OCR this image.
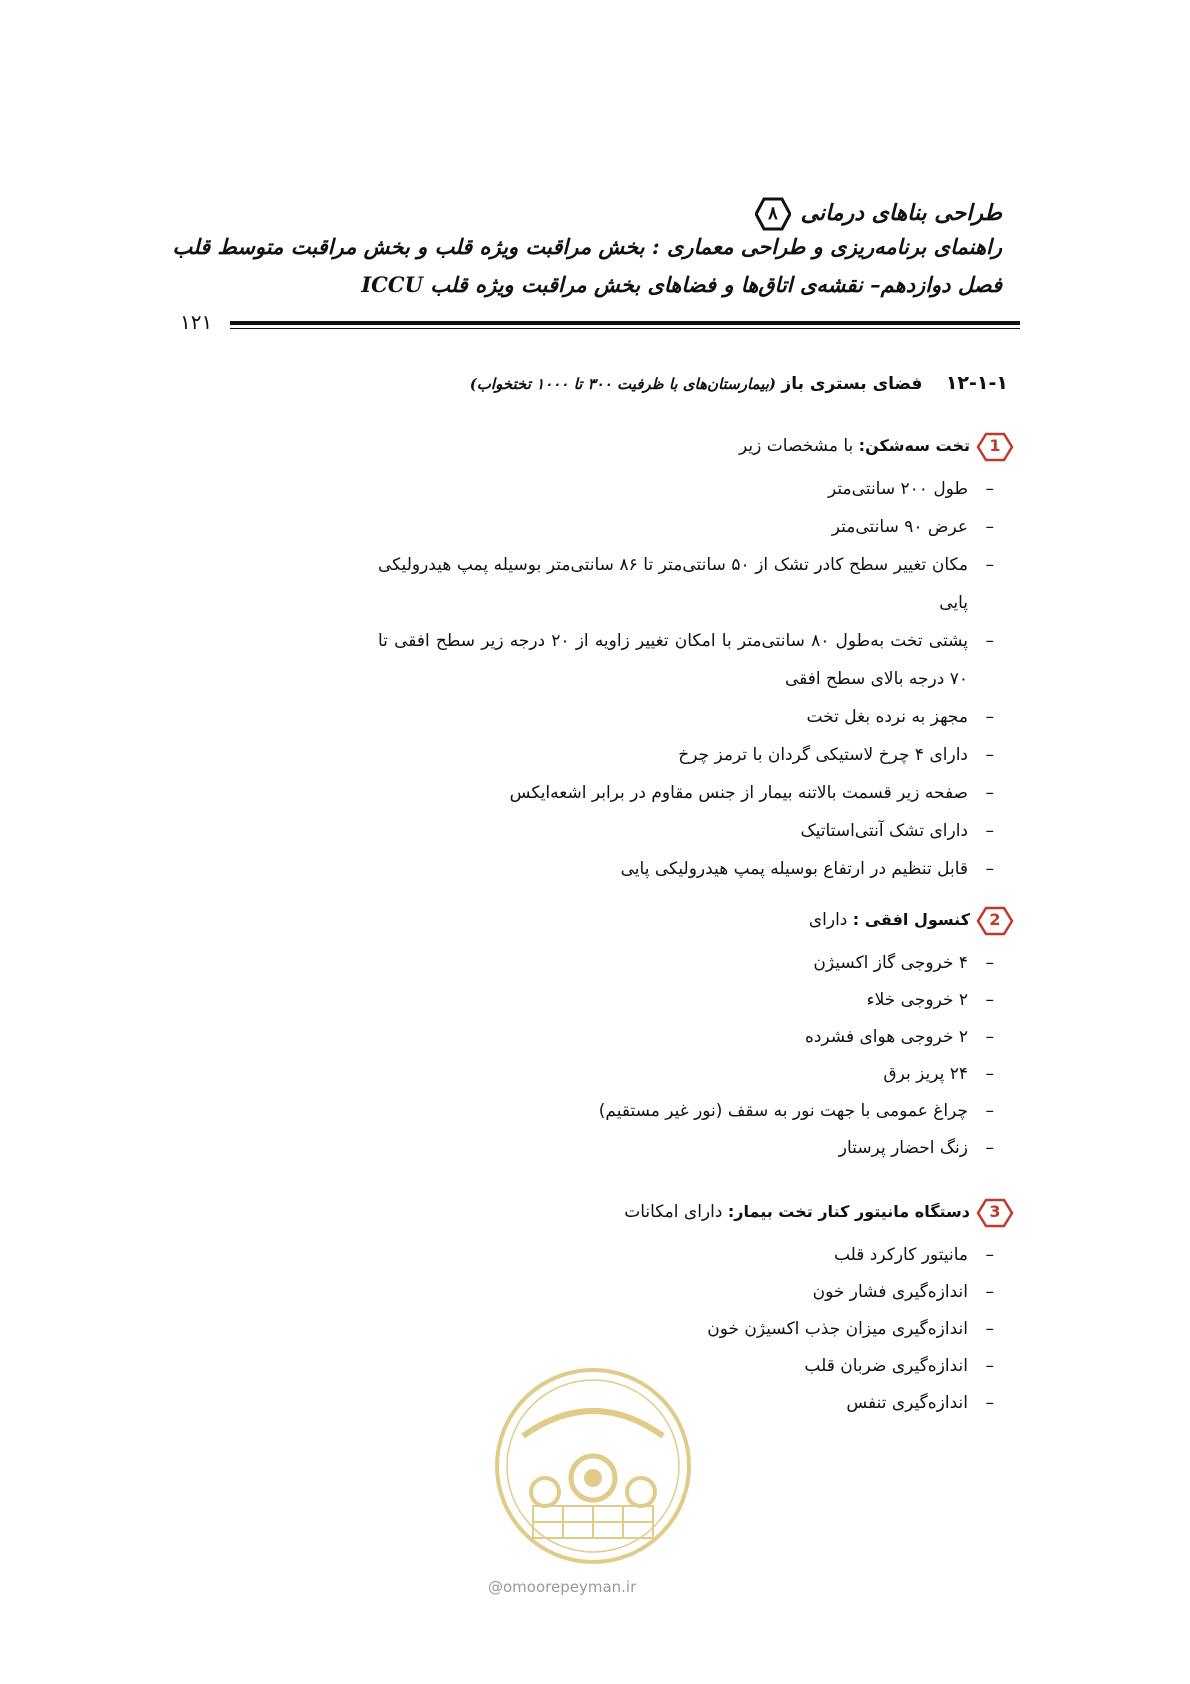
طراحی بناهای درمانی
۸
راهنمای برنامه‌ریزی و طراحی معماری : بخش مراقبت ویژه قلب و بخش مراقبت متوسط قلب
فصل دوازدهم– نقشه‌ی اتاق‌ها و فضاهای بخش مراقبت ویژه قلب ICCU
۱۲۱
۱۲-۱-۱ فضای بستری باز (بیمارستان‌های با ظرفیت ۳۰۰ تا ۱۰۰۰ تختخواب)
1
تخت سه‌شکن: با مشخصات زیر
–
طول ۲۰۰ سانتی‌متر
–
عرض ۹۰ سانتی‌متر
–
مکان تغییر سطح کادر تشک از ۵۰ سانتی‌متر تا ۸۶ سانتی‌متر بوسیله پمپ هیدرولیکی پایی
–
پشتی تخت به‌طول ۸۰ سانتی‌متر با امکان تغییر زاویه از ۲۰ درجه زیر سطح افقی تا ۷۰ درجه بالای سطح افقی
–
مجهز به نرده بغل تخت
–
دارای ۴ چرخ لاستیکی گردان با ترمز چرخ
–
صفحه زیر قسمت بالاتنه بیمار از جنس مقاوم در برابر اشعه‌ایکس
–
دارای تشک آنتی‌استاتیک
–
قابل تنظیم در ارتفاع بوسیله پمپ هیدرولیکی پایی
2
کنسول افقی : دارای
–
۴ خروجی گاز اکسیژن
–
۲ خروجی خلاء
–
۲ خروجی هوای فشرده
–
۲۴ پریز برق
–
چراغ عمومی با جهت نور به سقف (نور غیر مستقیم)
–
زنگ احضار پرستار
3
دستگاه مانیتور کنار تخت بیمار: دارای امکانات
–
مانیتور کارکرد قلب
–
اندازه‌گیری فشار خون
–
اندازه‌گیری میزان جذب اکسیژن خون
–
اندازه‌گیری ضربان قلب
–
اندازه‌گیری تنفس
@omoorepeyman.ir
